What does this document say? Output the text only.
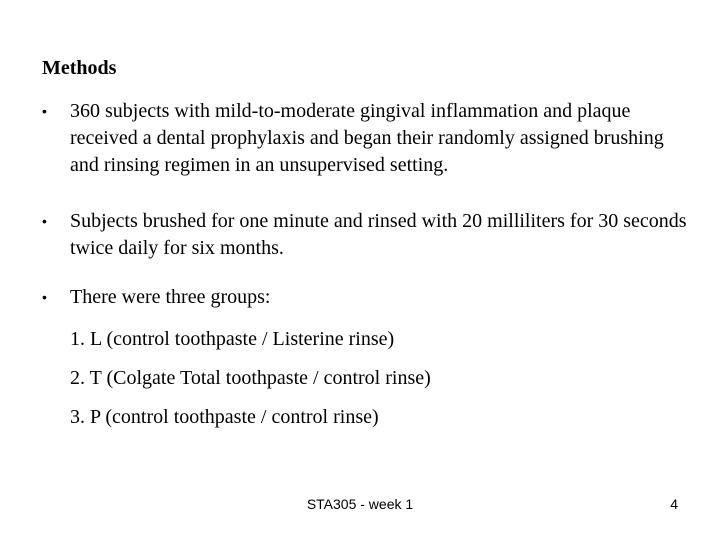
Methods
• 360 subjects with mild-to-moderate gingival inflammation and plaque received a dental prophylaxis and began their randomly assigned brushing and rinsing regimen in an unsupervised setting.
• Subjects brushed for one minute and rinsed with 20 milliliters for 30 seconds twice daily for six months.
• There were three groups:
1. L (control toothpaste / Listerine rinse)
2. T (Colgate Total toothpaste / control rinse)
3. P (control toothpaste / control rinse)
STA305 - week 1	4
